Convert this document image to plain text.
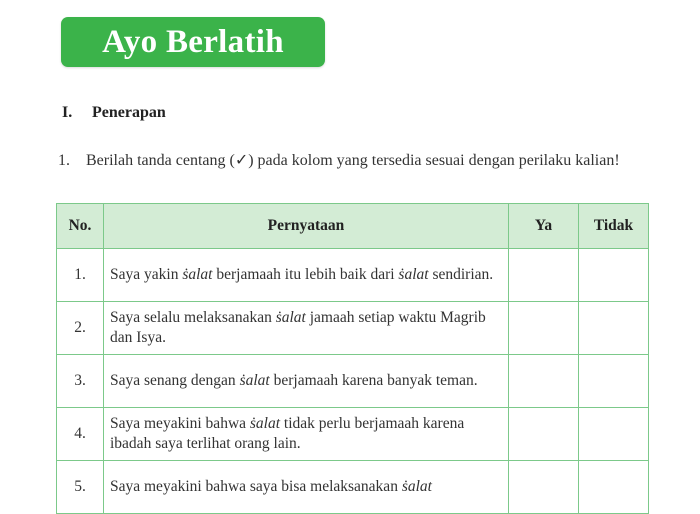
Ayo Berlatih
I. Penerapan
1.	Berilah tanda centang (✓) pada kolom yang tersedia sesuai dengan perilaku kalian!
No.	Pernyataan	Ya	Tidak
1.	Saya yakin ṡalat berjamaah itu lebih baik dari ṡalat sendirian.		

2.	Saya selalu melaksanakan ṡalat jamaah setiap waktu Magrib dan Isya.		

3.	Saya senang dengan ṡalat berjamaah karena banyak teman.		

4.	Saya meyakini bahwa ṡalat tidak perlu berjamaah karena ibadah saya terlihat orang lain.		

5.	Saya meyakini bahwa saya bisa melaksanakan ṡalat		
